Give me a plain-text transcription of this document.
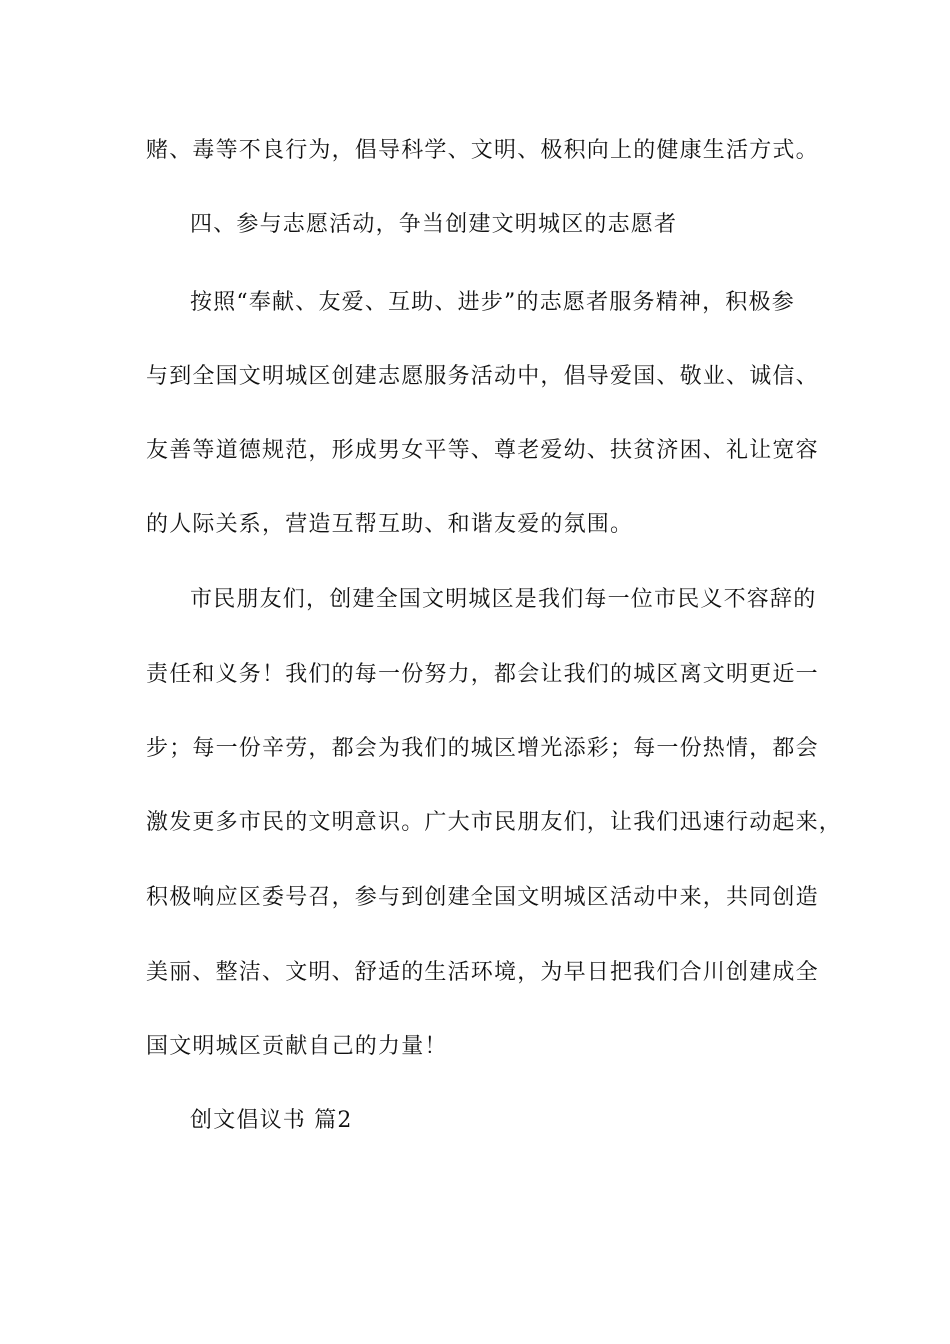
赌、毒等不良行为，倡导科学、文明、极积向上的健康生活方式。
四、参与志愿活动，争当创建文明城区的志愿者
按照“奉献、友爱、互助、进步”的志愿者服务精神，积极参
与到全国文明城区创建志愿服务活动中，倡导爱国、敬业、诚信、
友善等道德规范，形成男女平等、尊老爱幼、扶贫济困、礼让宽容
的人际关系，营造互帮互助、和谐友爱的氛围。
市民朋友们，创建全国文明城区是我们每一位市民义不容辞的
责任和义务！我们的每一份努力，都会让我们的城区离文明更近一
步；每一份辛劳，都会为我们的城区增光添彩；每一份热情，都会
激发更多市民的文明意识。广大市民朋友们，让我们迅速行动起来，
积极响应区委号召，参与到创建全国文明城区活动中来，共同创造
美丽、整洁、文明、舒适的生活环境，为早日把我们合川创建成全
国文明城区贡献自己的力量！
创文倡议书 篇2
